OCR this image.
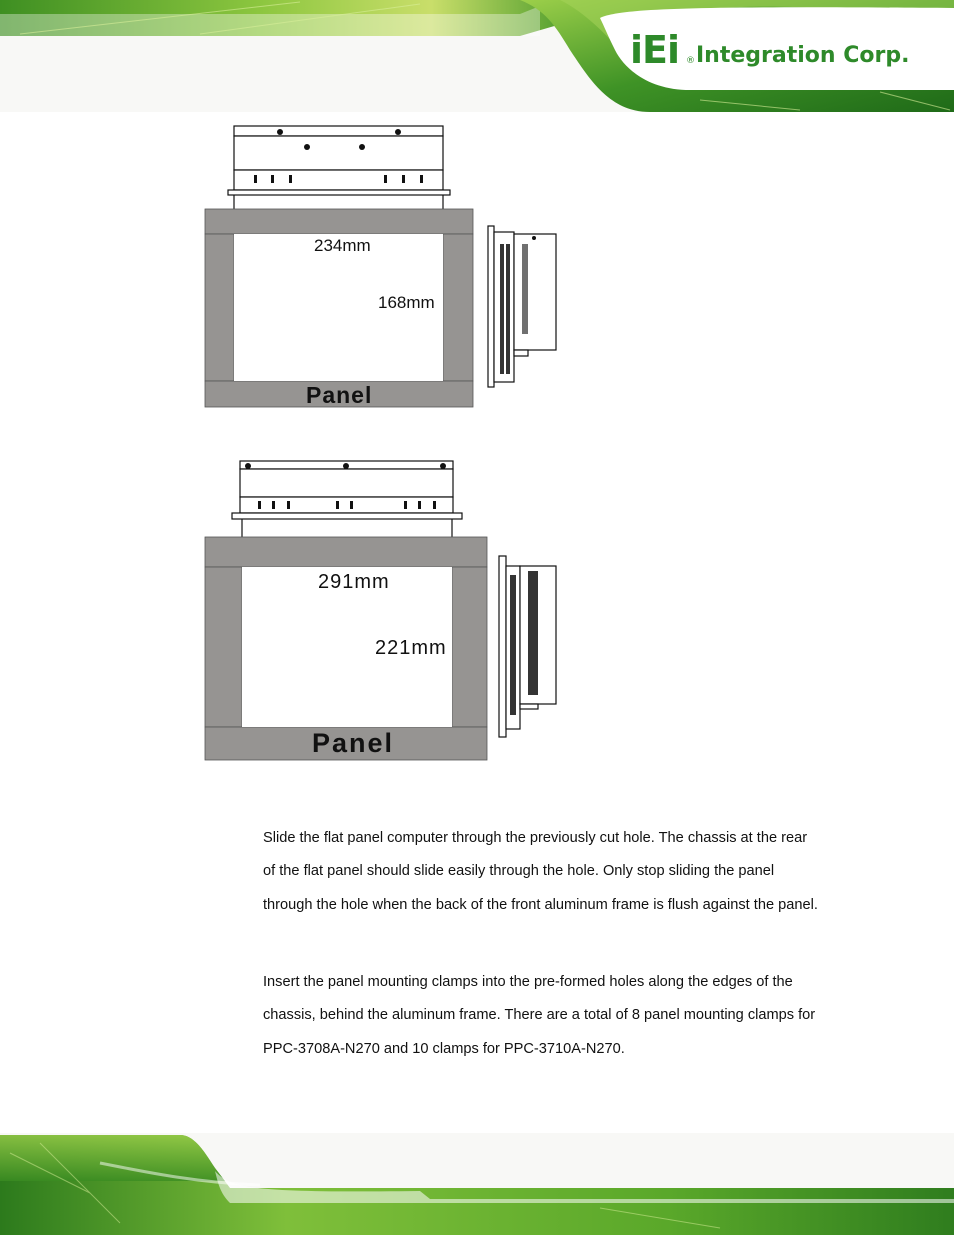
iEi ® Integration Corp.
234mm
168mm
Panel
291mm
221mm
Panel

Slide the flat panel computer through the previously cut hole. The chassis at the rear of the flat panel should slide easily through the hole. Only stop sliding the panel through the hole when the back of the front aluminum frame is flush against the panel.

Insert the panel mounting clamps into the pre-formed holes along the edges of the chassis, behind the aluminum frame. There are a total of 8 panel mounting clamps for PPC-3708A-N270 and 10 clamps for PPC-3710A-N270.
